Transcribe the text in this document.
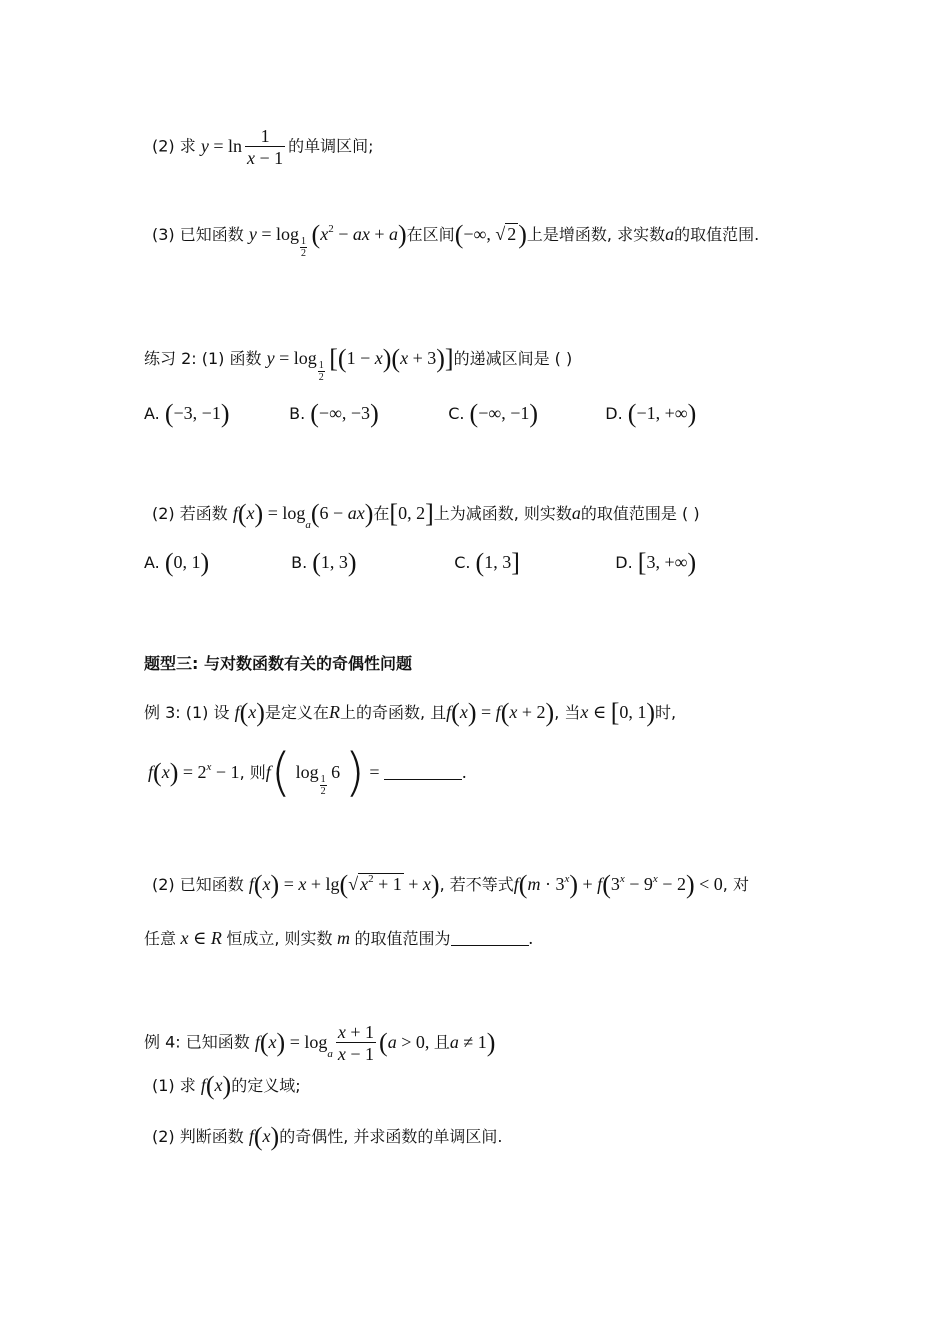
(2) 求 $y = \ln \frac{1}{x - 1}$ 的单调区间;
(3) 已知函数 y = log
$\frac{1}{2} (x^2$ − ax + a)在区间(−∞, √ 2)上是增函数, 求实数a的取值范围.
练习 2: (1) 函数 y = log
$\frac{1}{2} [(1 - x)(x + 3)]$的递减区间是 ( )
A. (−3, −1)	B. (−∞, −3)	C. (−∞, −1)	D. (−1, +∞)
(2) 若函数 $f(x) = \log_a(6 - ax)$在[0, 2]上为减函数, 则实数a的取值范围是 ( )
A. (0, 1)	B. (1, 3)	C. (1, 3]	D. [3, +∞)
题型三: 与对数函数有关的奇偶性问题
例 3: (1) 设 f(x)是定义在R上的奇函数, 且f(x) = f(x + 2), 当x ∈ [0, 1)时,
$f(x) = 2^x - 1$, 则f( log
$\frac{1}{2}$
6 ) =	.
(2) 已知函数 f(x) = x + lg(√ $x^2 + 1 + x$), 若不等式$f(m \cdot 3^x) + f(3^x - 9^x - 2) < 0$, 对
任意 x ∈ R 恒成立, 则实数 m 的取值范围为	.
例 4: 已知函数 $f(x) = \log_a \frac{x + 1}{x - 1} (a > 0$, 且a ≠ 1)
(1) 求 f(x)的定义域;
(2) 判断函数 f(x)的奇偶性, 并求函数的单调区间.
